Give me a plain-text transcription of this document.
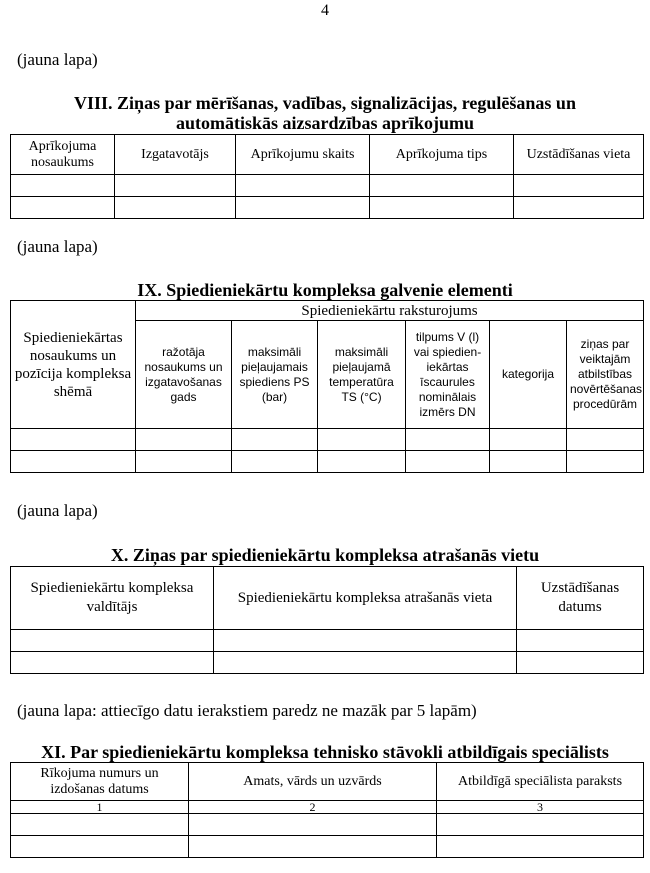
4
(jauna lapa)
VIII. Ziņas par mērīšanas, vadības, signalizācijas, regulēšanas un
automātiskās aizsardzības aprīkojumu
Aprīkojuma nosaukums	Izgatavotājs	Aprīkojumu skaits	Aprīkojuma tips	Uzstādīšanas vieta

(jauna lapa)
IX. Spiedieniekārtu kompleksa galvenie elementi
Spiedieniekārtas nosaukums un pozīcija kompleksa shēmā	Spiedieniekārtu raksturojums					
	ražotāja nosaukums un izgatavošanas gads	maksimāli pieļaujamais spiediens PS (bar)	maksimāli pieļaujamā temperatūra TS (°C)	tilpums V (l) vai spiedien-iekārtas īscaurules nominālais izmērs DN	kategorija	ziņas par veiktajām atbilstības novērtēšanas procedūrām

(jauna lapa)
X. Ziņas par spiedieniekārtu kompleksa atrašanās vietu
Spiedieniekārtu kompleksa valdītājs	Spiedieniekārtu kompleksa atrašanās vieta	Uzstādīšanas datums

(jauna lapa: attiecīgo datu ierakstiem paredz ne mazāk par 5 lapām)
XI. Par spiedieniekārtu kompleksa tehnisko stāvokli atbildīgais speciālists
Rīkojuma numurs un izdošanas datums	Amats, vārds un uzvārds	Atbildīgā speciālista paraksts
1	2	3
